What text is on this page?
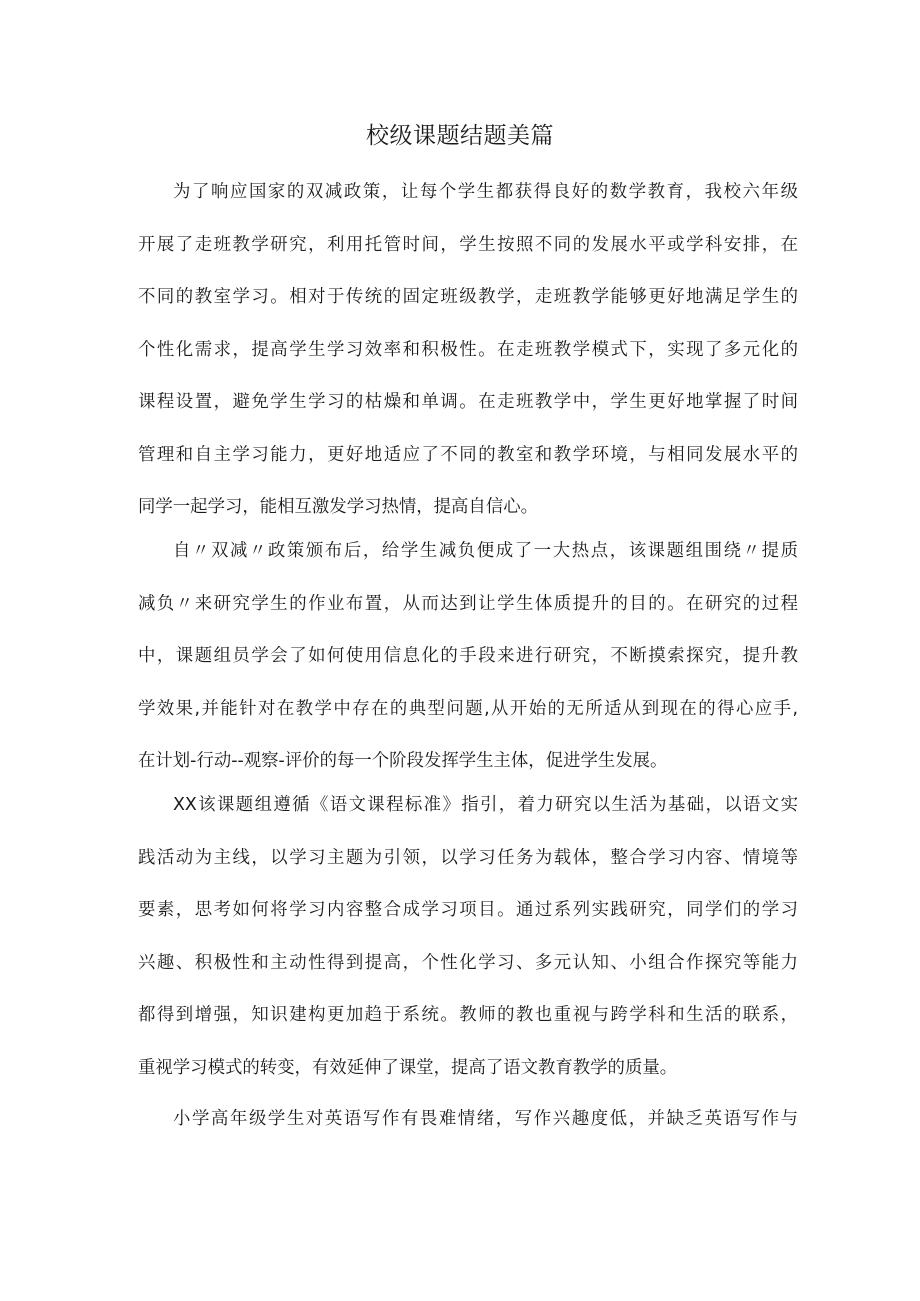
校级课题结题美篇
为了响应国家的双减政策，让每个学生都获得良好的数学教育，我校六年级
开展了走班教学研究，利用托管时间，学生按照不同的发展水平或学科安排，在
不同的教室学习。相对于传统的固定班级教学，走班教学能够更好地满足学生的
个性化需求，提高学生学习效率和积极性。在走班教学模式下，实现了多元化的
课程设置，避免学生学习的枯燥和单调。在走班教学中，学生更好地掌握了时间
管理和自主学习能力，更好地适应了不同的教室和教学环境，与相同发展水平的
同学一起学习，能相互激发学习热情，提高自信心。
自〃双减〃政策颁布后，给学生减负便成了一大热点，该课题组围绕〃提质
减负〃来研究学生的作业布置，从而达到让学生体质提升的目的。在研究的过程
中，课题组员学会了如何使用信息化的手段来进行研究，不断摸索探究，提升教
学效果,并能针对在教学中存在的典型问题,从开始的无所适从到现在的得心应手,
在计划-行动--观察-评价的每一个阶段发挥学生主体，促进学生发展。
XX该课题组遵循《语文课程标准》指引，着力研究以生活为基础，以语文实
践活动为主线，以学习主题为引领，以学习任务为载体，整合学习内容、情境等
要素，思考如何将学习内容整合成学习项目。通过系列实践研究，同学们的学习
兴趣、积极性和主动性得到提高，个性化学习、多元认知、小组合作探究等能力
都得到增强，知识建构更加趋于系统。教师的教也重视与跨学科和生活的联系，
重视学习模式的转变，有效延伸了课堂，提高了语文教育教学的质量。
小学高年级学生对英语写作有畏难情绪，写作兴趣度低，并缺乏英语写作与
